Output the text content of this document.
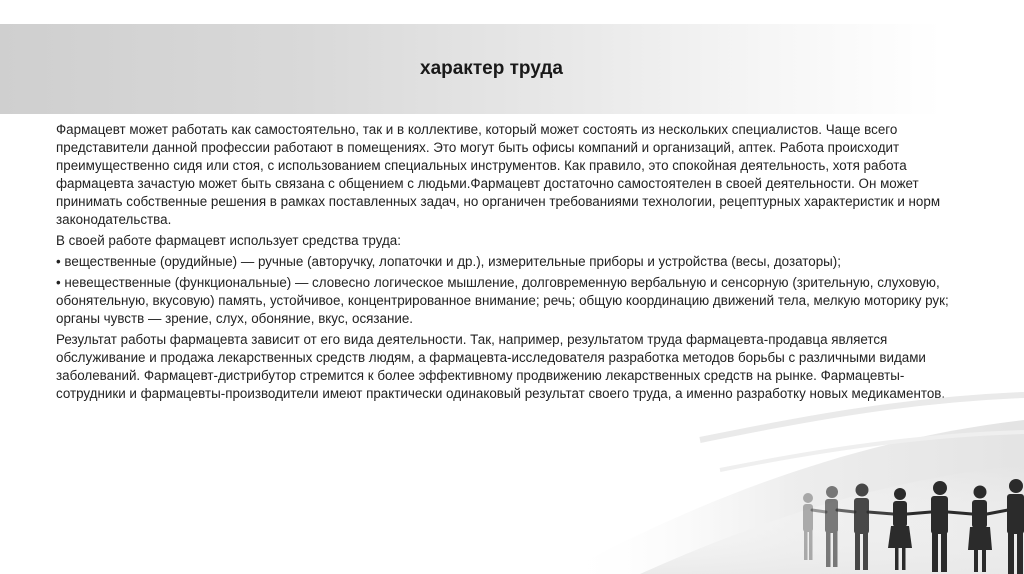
характер труда

Фармацевт может работать как самостоятельно, так и в коллективе, который может состоять из нескольких специалистов. Чаще всего представители данной профессии работают в помещениях. Это могут быть офисы компаний и организаций, аптек. Работа происходит преимущественно сидя или стоя, с использованием специальных инструментов. Как правило, это спокойная деятельность, хотя работа фармацевта зачастую может быть связана с общением с людьми.Фармацевт достаточно самостоятелен в своей деятельности. Он может принимать собственные решения в рамках поставленных задач, но органичен требованиями технологии, рецептурных характеристик и норм законодательства.

В своей работе фармацевт использует средства труда:

• вещественные (орудийные) — ручные (авторучку, лопаточки и др.), измерительные приборы и устройства (весы, дозаторы);

• невещественные (функциональные) — словесно логическое мышление, долговременную вербальную и сенсорную (зрительную, слуховую, обонятельную, вкусовую) память, устойчивое, концентрированное внимание; речь; общую координацию движений тела, мелкую моторику рук; органы чувств — зрение, слух, обоняние, вкус, осязание.

Результат работы фармацевта зависит от его вида деятельности. Так, например, результатом труда фармацевта-продавца является обслуживание и продажа лекарственных средств людям, а фармацевта-исследователя разработка методов борьбы с различными видами заболеваний. Фармацевт-дистрибутор стремится к более эффективному продвижению лекарственных средств на рынке. Фармацевты-сотрудники и фармацевты-производители имеют практически одинаковый результат своего труда, а именно разработку новых медикаментов.
